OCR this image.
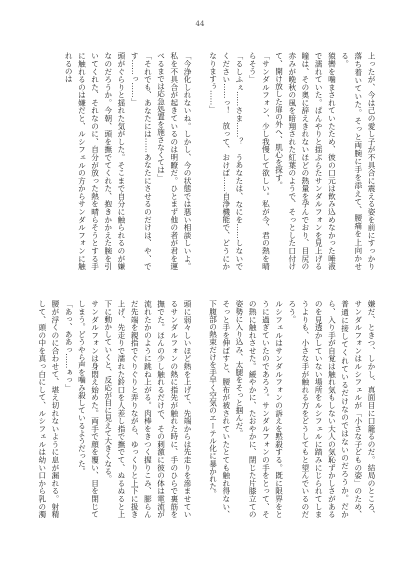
44

上ったが、今は己の愛し子が不具合に震える姿を前にすっかり落ち着いていた。そっと両腕に手を添えて、腰痛を上向かせる。

猿轡を噛まされていたため、彼の口元は飲み込めなかった唾液で濡れていた。ぱんやりと揺ぶらたサンダルフォンを見上げる瞳は、その奥に辞えきれないほどの熱量を孕んでおり、目尻の赤みが晩秋の風を暗翔された紅葉のようで、そっとした口付けて、開け放した扉の外へ、肌心を探す。

「サンダルフォン、少し我慢して欲しい。私が今、君の熱を晴らそう」

「るしふぇ……さま……？　うあなたは、なにを……しないでください……っ！　放って、おけば……自浄機能で、どうにかなりますぅ……」

「今浄化しれないね。しかし、今の状態では悪い相談しいよ。私を不具合が起きているのは明瞭だ。ひとまず他の者が君を運べるまでは応急処置を施さなくては」

「それでも、あなたには……あなたにさせるのだけは、や、です……っ……」

頭がぐらりと揺れた気がした。そこまで自分に触られるのが嫌なのだろうか。今朝、頭を撫でてくれた、抱きかかえた腕を引いてくれた、それなのに、自分が放った熱を晴らそうとする手に触れるのは嫌だと、ルシフェルの方からサンダルフォンに触れるのは

嫌だ、ときつ、しかし、真面目に口籠るのだ。結局のところ、サンダルフォンはルシフェルが「小さな子どもの姿」のため、普通に接してくれているだけなのではないのだろうか。だから、入り手が自覚は触れ気もしない大人の気恥ずかしさがあるのを見透かしていない場所をルシフェルに踏みにじられてしまうよりも、小さな手が触れる方をどうしてもと望んでいるのだろう。

ルシフェルはサンダルフォンの訴えを黙殺する。既に限界をとうに過ぎていたのであろう。サンダルフォンの手をとって、その熱に触れさせた。緩やかに、たおやかに、閉じた片膝立ての姿勢に入り込み、太腿をそっと掴んだ。

そっと手を伸ばすと、腰布が被されていたとても触れ得ない、下腹部の熱束だけを手早く空気のエーテル化に暴かれた。

頭に弱々しいほど熱を上げて、先端からは先走りを滲ませているサンダルフォンの熱に指先が触れた時に、手のひらで裏筋を撫でた。ほんの少し触れるだけで、その刺激に彼の体は電流が流れたかのように跳ね上がる。肉棒をきつく握りこみ、膨らんだ先端を親指でぐりぐりと弄りながら、ゆっくりと上下に扱き上げ、先走りで濡れた鈴口を人差し指で撫でて、ぬるぬると上下に動かしていくと、反応が目に見えて大きくなる。

サンダルフォンは身悶え始めた。両手で顔を覆い、目を閉じてしまう。どうやら声を噛み殺しているようだった。

「あっ、ああっ……ぁっ」

腰が浮くのに合わせて、堪え切れないように息が漏れる。射精して、頭の中を真っ白にして、ルシフェルは幼い口から乳の濁
